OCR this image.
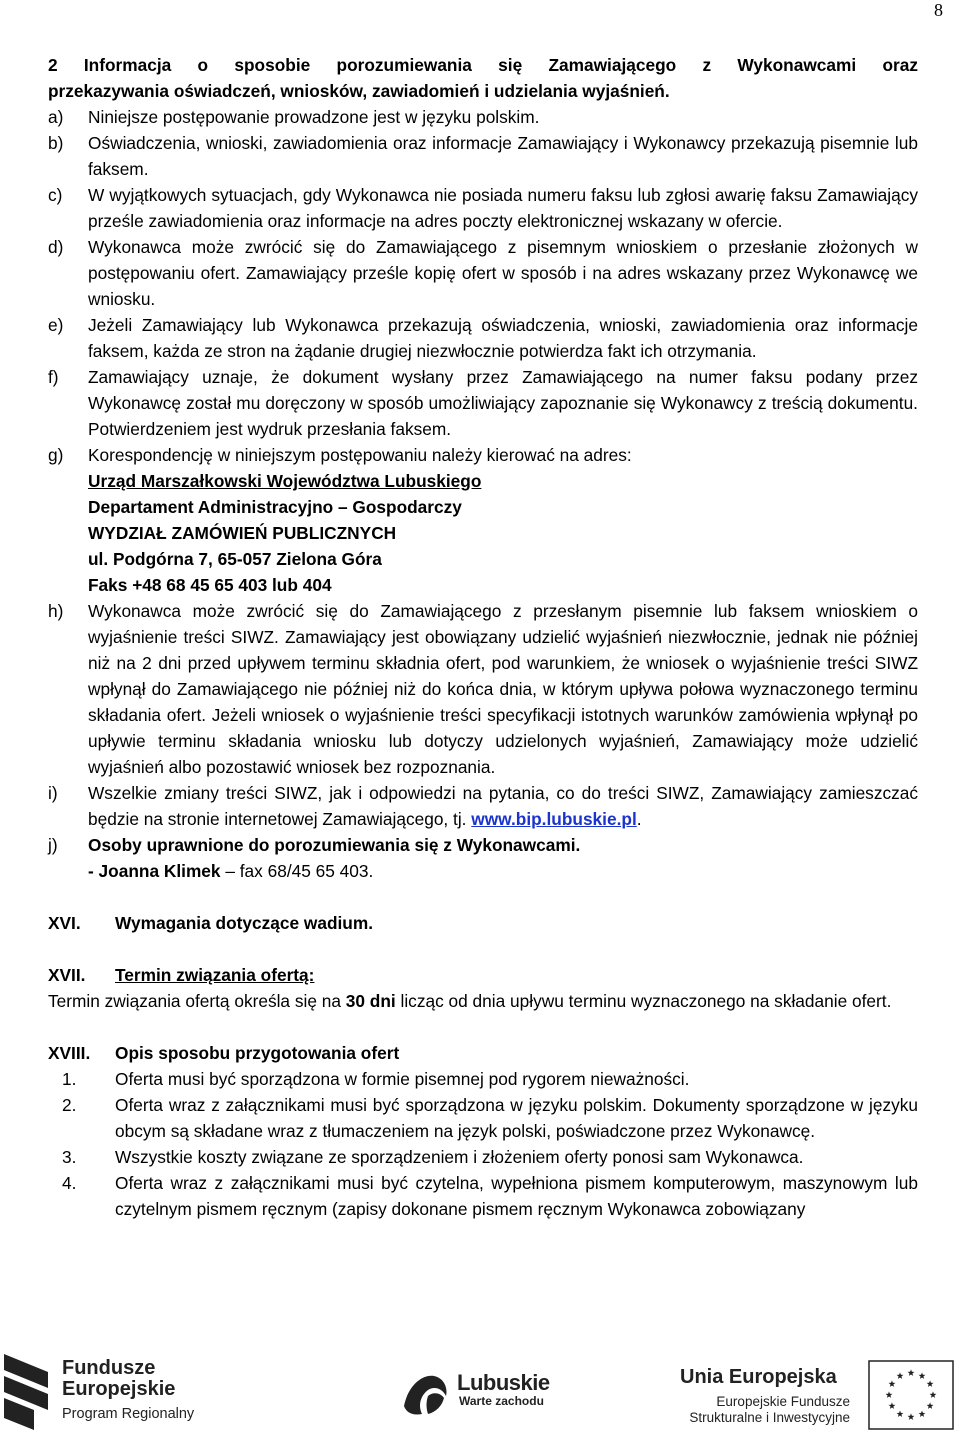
8
2 Informacja o sposobie porozumiewania się Zamawiającego z Wykonawcami oraz
przekazywania oświadczeń, wniosków, zawiadomień i udzielania wyjaśnień.
a)	Niniejsze postępowanie prowadzone jest w języku polskim.
b)	Oświadczenia, wnioski, zawiadomienia oraz informacje Zamawiający i Wykonawcy przekazują pisemnie lub faksem.
c)	W wyjątkowych sytuacjach, gdy Wykonawca nie posiada numeru faksu lub zgłosi awarię faksu Zamawiający prześle zawiadomienia oraz informacje na adres poczty elektronicznej wskazany w ofercie.
d)	Wykonawca może zwrócić się do Zamawiającego z pisemnym wnioskiem o przesłanie złożonych w postępowaniu ofert. Zamawiający prześle kopię ofert w sposób i na adres wskazany przez Wykonawcę we wniosku.
e)	Jeżeli Zamawiający lub Wykonawca przekazują oświadczenia, wnioski, zawiadomienia oraz informacje faksem, każda ze stron na żądanie drugiej niezwłocznie potwierdza fakt ich otrzymania.
f)	Zamawiający uznaje, że dokument wysłany przez Zamawiającego na numer faksu podany przez Wykonawcę został mu doręczony w sposób umożliwiający zapoznanie się Wykonawcy z treścią dokumentu. Potwierdzeniem jest wydruk przesłania faksem.
g)	Korespondencję w niniejszym postępowaniu należy kierować na adres:
Urząd Marszałkowski Województwa Lubuskiego
Departament Administracyjno – Gospodarczy
WYDZIAŁ ZAMÓWIEŃ PUBLICZNYCH
ul. Podgórna 7, 65-057 Zielona Góra
Faks +48 68 45 65 403 lub 404
h)	Wykonawca może zwrócić się do Zamawiającego z przesłanym pisemnie lub faksem wnioskiem o wyjaśnienie treści SIWZ. Zamawiający jest obowiązany udzielić wyjaśnień niezwłocznie, jednak nie później niż na 2 dni przed upływem terminu składnia ofert, pod warunkiem, że wniosek o wyjaśnienie treści SIWZ wpłynął do Zamawiającego nie później niż do końca dnia, w którym upływa połowa wyznaczonego terminu składania ofert. Jeżeli wniosek o wyjaśnienie treści specyfikacji istotnych warunków zamówienia wpłynął po upływie terminu składania wniosku lub dotyczy udzielonych wyjaśnień, Zamawiający może udzielić wyjaśnień albo pozostawić wniosek bez rozpoznania.
i)	Wszelkie zmiany treści SIWZ, jak i odpowiedzi na pytania, co do treści SIWZ, Zamawiający zamieszczać będzie na stronie internetowej Zamawiającego, tj. www.bip.lubuskie.pl.
j)	Osoby uprawnione do porozumiewania się z Wykonawcami.
- Joanna Klimek – fax 68/45 65 403.
XVI.	Wymagania dotyczące wadium.
XVII.	Termin związania ofertą:
Termin związania ofertą określa się na 30 dni licząc od dnia upływu terminu wyznaczonego na składanie ofert.
XVIII.	Opis sposobu przygotowania ofert
1.	Oferta musi być sporządzona w formie pisemnej pod rygorem nieważności.
2.	Oferta wraz z załącznikami musi być sporządzona w języku polskim. Dokumenty sporządzone w języku obcym są składane wraz z tłumaczeniem na język polski, poświadczone przez Wykonawcę.
3.	Wszystkie koszty związane ze sporządzeniem i złożeniem oferty ponosi sam Wykonawca.
4.	Oferta wraz z załącznikami musi być czytelna, wypełniona pismem komputerowym, maszynowym lub czytelnym pismem ręcznym (zapisy dokonane pismem ręcznym Wykonawca zobowiązany
Fundusze
Europejskie
Program Regionalny
Lubuskie
Warte zachodu
Unia Europejska
Europejskie Fundusze
Strukturalne i Inwestycyjne
